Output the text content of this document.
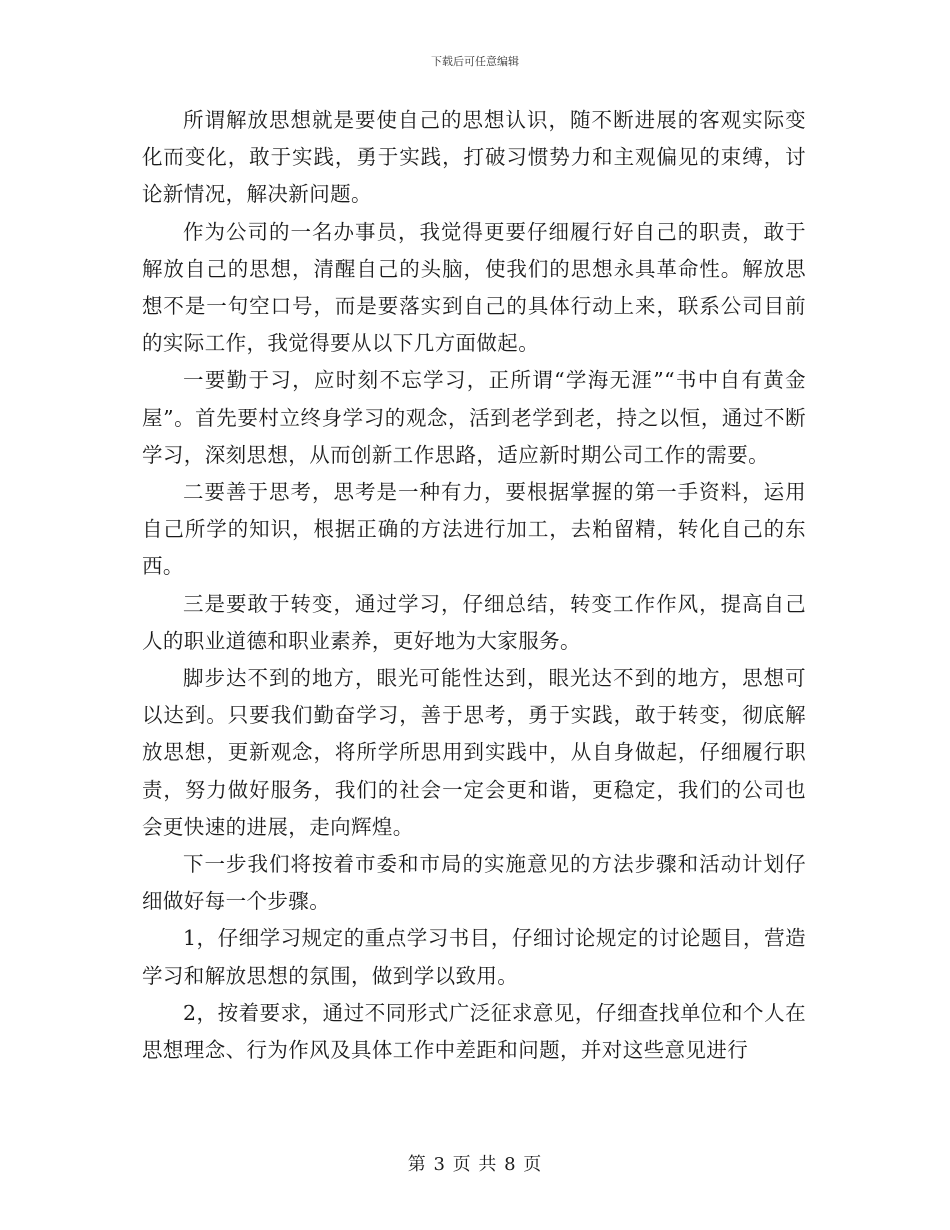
下载后可任意编辑

所谓解放思想就是要使自己的思想认识，随不断进展的客观实际变化而变化，敢于实践，勇于实践，打破习惯势力和主观偏见的束缚，讨论新情况，解决新问题。

作为公司的一名办事员，我觉得更要仔细履行好自己的职责，敢于解放自己的思想，清醒自己的头脑，使我们的思想永具革命性。解放思想不是一句空口号，而是要落实到自己的具体行动上来，联系公司目前的实际工作，我觉得要从以下几方面做起。

一要勤于习，应时刻不忘学习，正所谓“学海无涯”“书中自有黄金屋”。首先要村立终身学习的观念，活到老学到老，持之以恒，通过不断学习，深刻思想，从而创新工作思路，适应新时期公司工作的需要。

二要善于思考，思考是一种有力，要根据掌握的第一手资料，运用自己所学的知识，根据正确的方法进行加工，去粕留精，转化自己的东西。

三是要敢于转变，通过学习，仔细总结，转变工作作风，提高自己人的职业道德和职业素养，更好地为大家服务。

脚步达不到的地方，眼光可能性达到，眼光达不到的地方，思想可以达到。只要我们勤奋学习，善于思考，勇于实践，敢于转变，彻底解放思想，更新观念，将所学所思用到实践中，从自身做起，仔细履行职责，努力做好服务，我们的社会一定会更和谐，更稳定，我们的公司也会更快速的进展，走向辉煌。

下一步我们将按着市委和市局的实施意见的方法步骤和活动计划仔细做好每一个步骤。

1，仔细学习规定的重点学习书目，仔细讨论规定的讨论题目，营造学习和解放思想的氛围，做到学以致用。

2，按着要求，通过不同形式广泛征求意见，仔细查找单位和个人在思想理念、行为作风及具体工作中差距和问题，并对这些意见进行

第 3 页 共 8 页
